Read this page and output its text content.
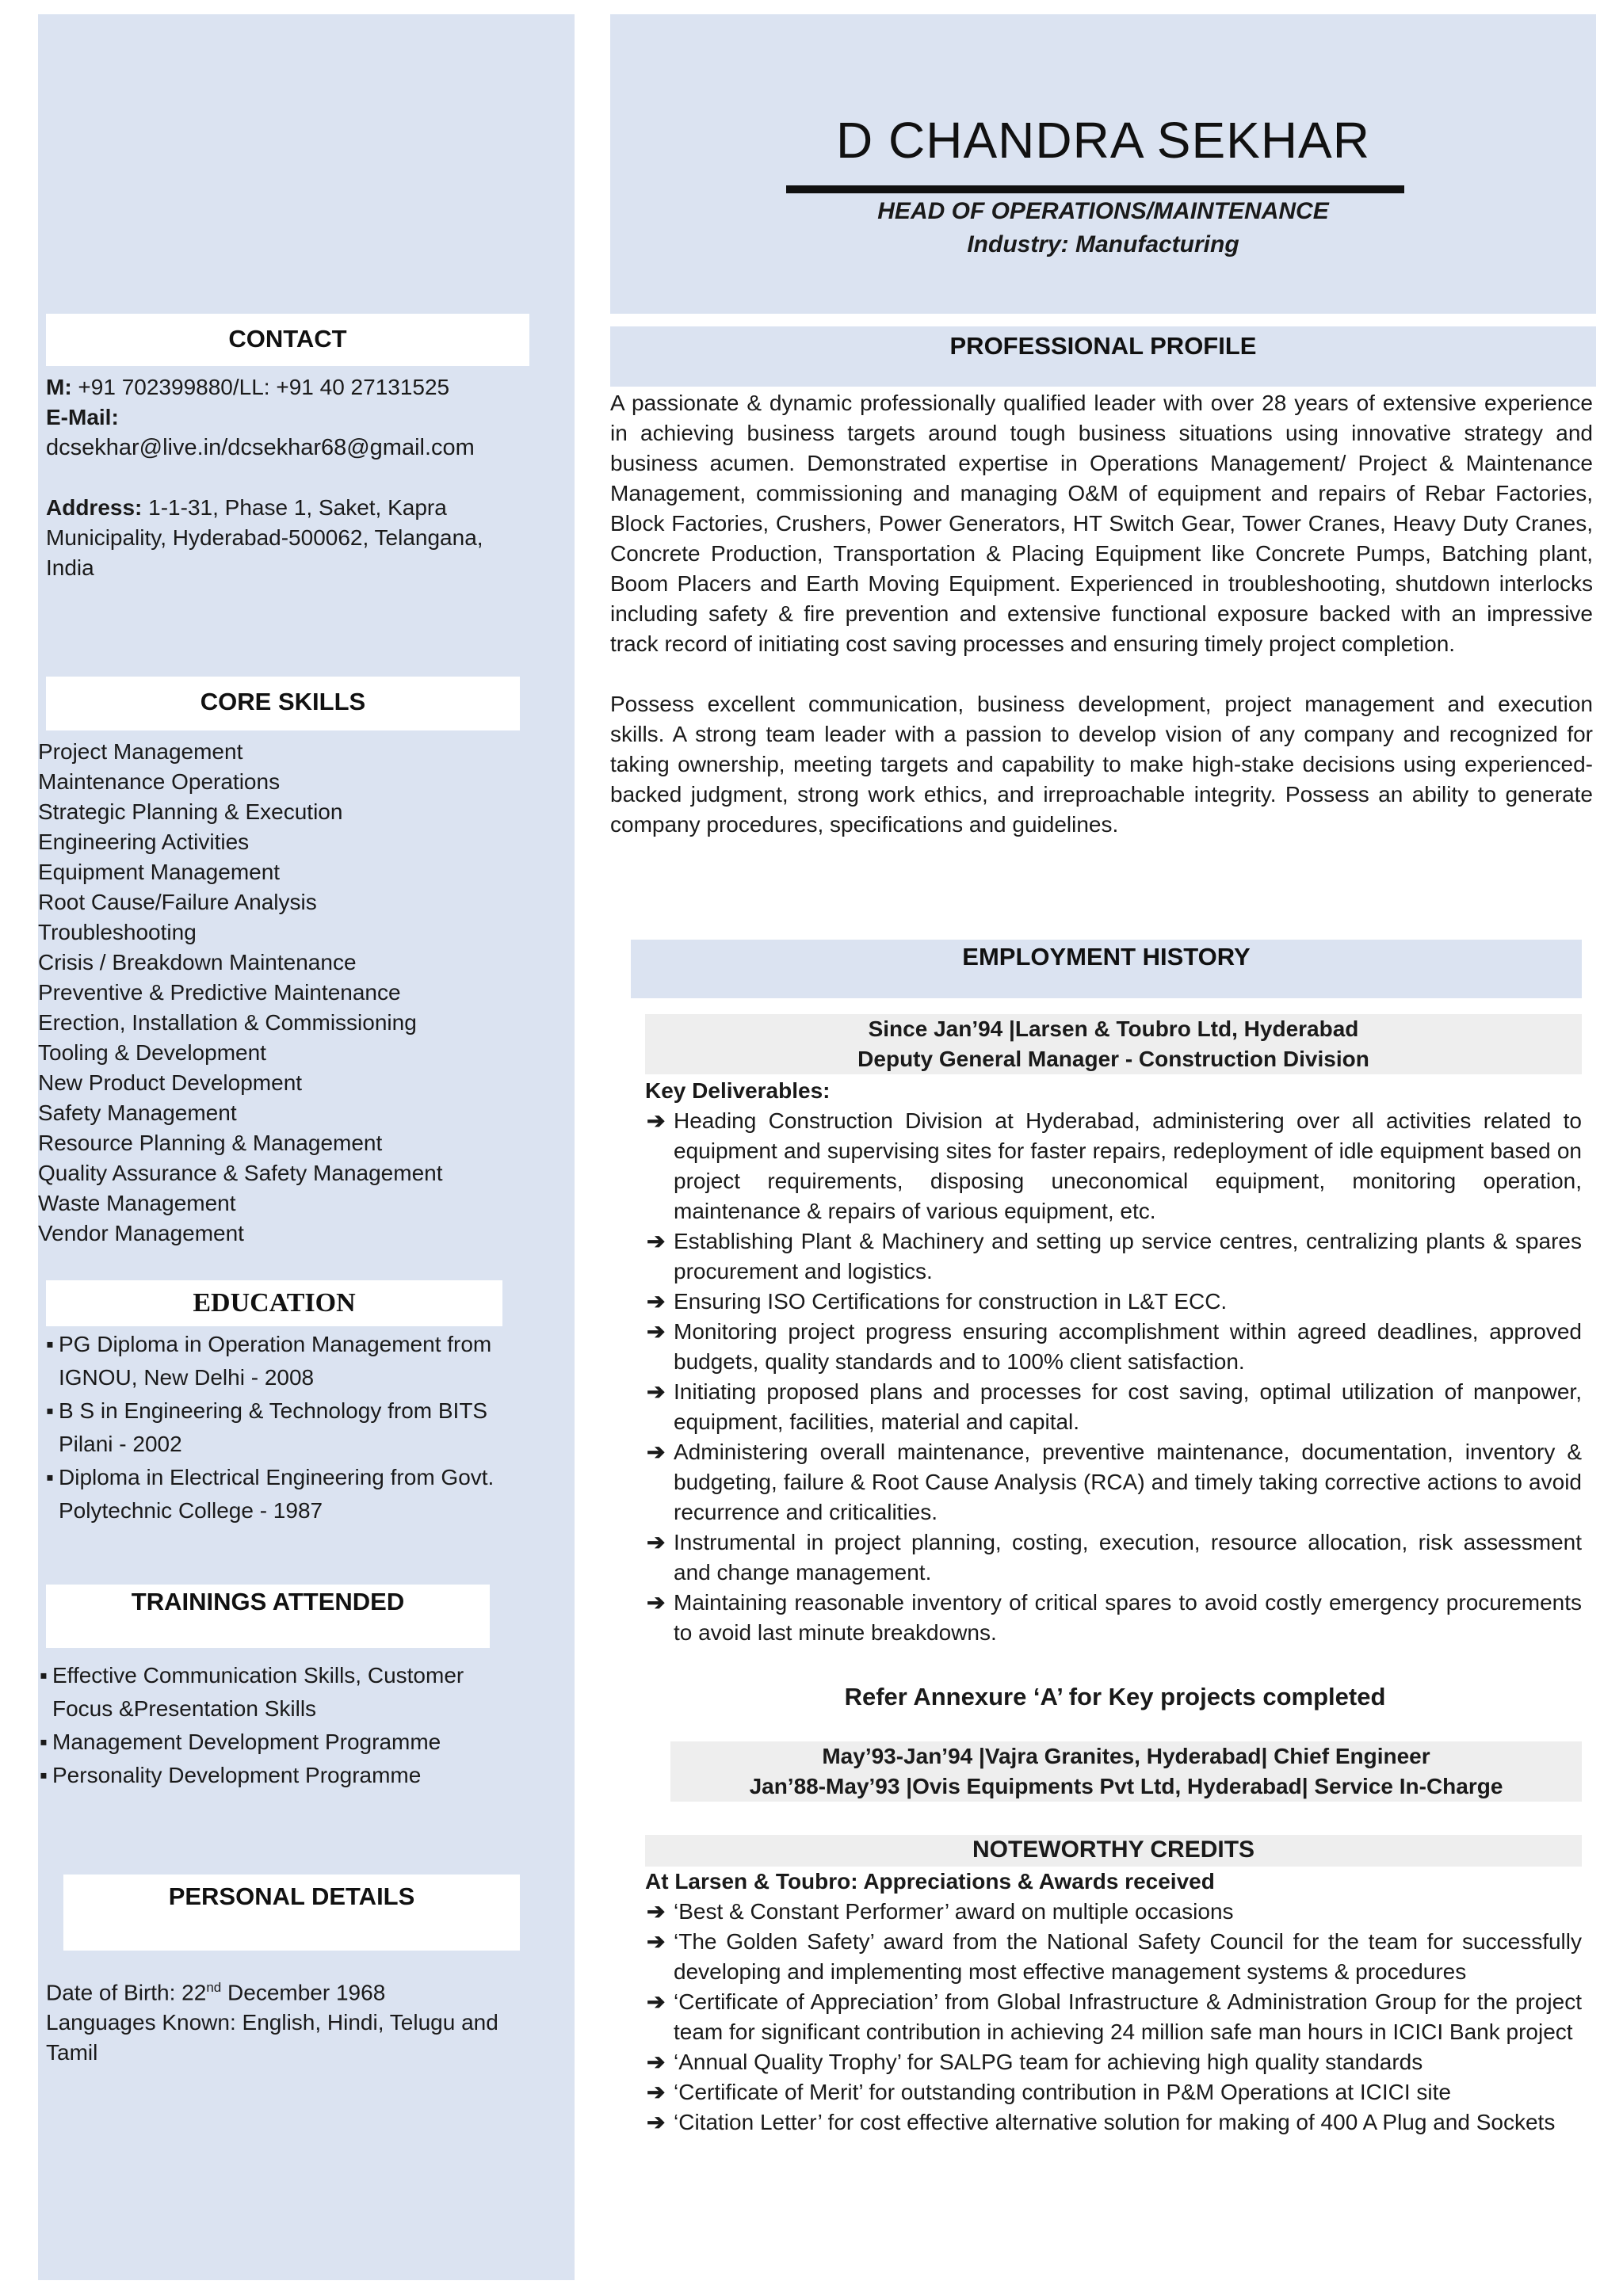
D CHANDRA SEKHAR
HEAD OF OPERATIONS/MAINTENANCE
Industry: Manufacturing
CONTACT
M: +91 702399880/LL: +91 40 27131525
E-Mail:
dcsekhar@live.in/dcsekhar68@gmail.com
Address: 1-1-31, Phase 1, Saket, Kapra Municipality, Hyderabad-500062, Telangana, India
CORE SKILLS
Project Management
Maintenance Operations
Strategic Planning & Execution
Engineering Activities
Equipment Management
Root Cause/Failure Analysis
Troubleshooting
Crisis / Breakdown Maintenance
Preventive & Predictive Maintenance
Erection, Installation & Commissioning
Tooling & Development
New Product Development
Safety Management
Resource Planning & Management
Quality Assurance & Safety Management
Waste Management
Vendor Management
EDUCATION
▪ PG Diploma in Operation Management from IGNOU, New Delhi - 2008
▪ B S in Engineering & Technology from BITS Pilani - 2002
▪ Diploma in Electrical Engineering from Govt. Polytechnic College - 1987
TRAININGS ATTENDED
▪ Effective Communication Skills, Customer Focus &Presentation Skills
▪ Management Development Programme
▪ Personality Development Programme
PERSONAL DETAILS
Date of Birth: 22nd December 1968
Languages Known: English, Hindi, Telugu and Tamil
PROFESSIONAL PROFILE
A passionate & dynamic professionally qualified leader with over 28 years of extensive experience in achieving business targets around tough business situations using innovative strategy and business acumen. Demonstrated expertise in Operations Management/ Project & Maintenance Management, commissioning and managing O&M of equipment and repairs of Rebar Factories, Block Factories, Crushers, Power Generators, HT Switch Gear, Tower Cranes, Heavy Duty Cranes, Concrete Production, Transportation & Placing Equipment like Concrete Pumps, Batching plant, Boom Placers and Earth Moving Equipment. Experienced in troubleshooting, shutdown interlocks including safety & fire prevention and extensive functional exposure backed with an impressive track record of initiating cost saving processes and ensuring timely project completion.
Possess excellent communication, business development, project management and execution skills. A strong team leader with a passion to develop vision of any company and recognized for taking ownership, meeting targets and capability to make high-stake decisions using experienced-backed judgment, strong work ethics, and irreproachable integrity. Possess an ability to generate company procedures, specifications and guidelines.
EMPLOYMENT HISTORY
Since Jan’94 |Larsen & Toubro Ltd, Hyderabad
Deputy General Manager - Construction Division
Key Deliverables:
➔ Heading Construction Division at Hyderabad, administering over all activities related to equipment and supervising sites for faster repairs, redeployment of idle equipment based on project requirements, disposing uneconomical equipment, monitoring operation, maintenance & repairs of various equipment, etc.
➔ Establishing Plant & Machinery and setting up service centres, centralizing plants & spares procurement and logistics.
➔ Ensuring ISO Certifications for construction in L&T ECC.
➔ Monitoring project progress ensuring accomplishment within agreed deadlines, approved budgets, quality standards and to 100% client satisfaction.
➔ Initiating proposed plans and processes for cost saving, optimal utilization of manpower, equipment, facilities, material and capital.
➔ Administering overall maintenance, preventive maintenance, documentation, inventory & budgeting, failure & Root Cause Analysis (RCA) and timely taking corrective actions to avoid recurrence and criticalities.
➔ Instrumental in project planning, costing, execution, resource allocation, risk assessment and change management.
➔ Maintaining reasonable inventory of critical spares to avoid costly emergency procurements to avoid last minute breakdowns.
Refer Annexure ‘A’ for Key projects completed
May’93-Jan’94 |Vajra Granites, Hyderabad| Chief Engineer
Jan’88-May’93 |Ovis Equipments Pvt Ltd, Hyderabad| Service In-Charge
NOTEWORTHY CREDITS
At Larsen & Toubro: Appreciations & Awards received
➔ ‘Best & Constant Performer’ award on multiple occasions
➔ ‘The Golden Safety’ award from the National Safety Council for the team for successfully developing and implementing most effective management systems & procedures
➔ ‘Certificate of Appreciation’ from Global Infrastructure & Administration Group for the project team for significant contribution in achieving 24 million safe man hours in ICICI Bank project
➔ ‘Annual Quality Trophy’ for SALPG team for achieving high quality standards
➔ ‘Certificate of Merit’ for outstanding contribution in P&M Operations at ICICI site
➔ ‘Citation Letter’ for cost effective alternative solution for making of 400 A Plug and Sockets
